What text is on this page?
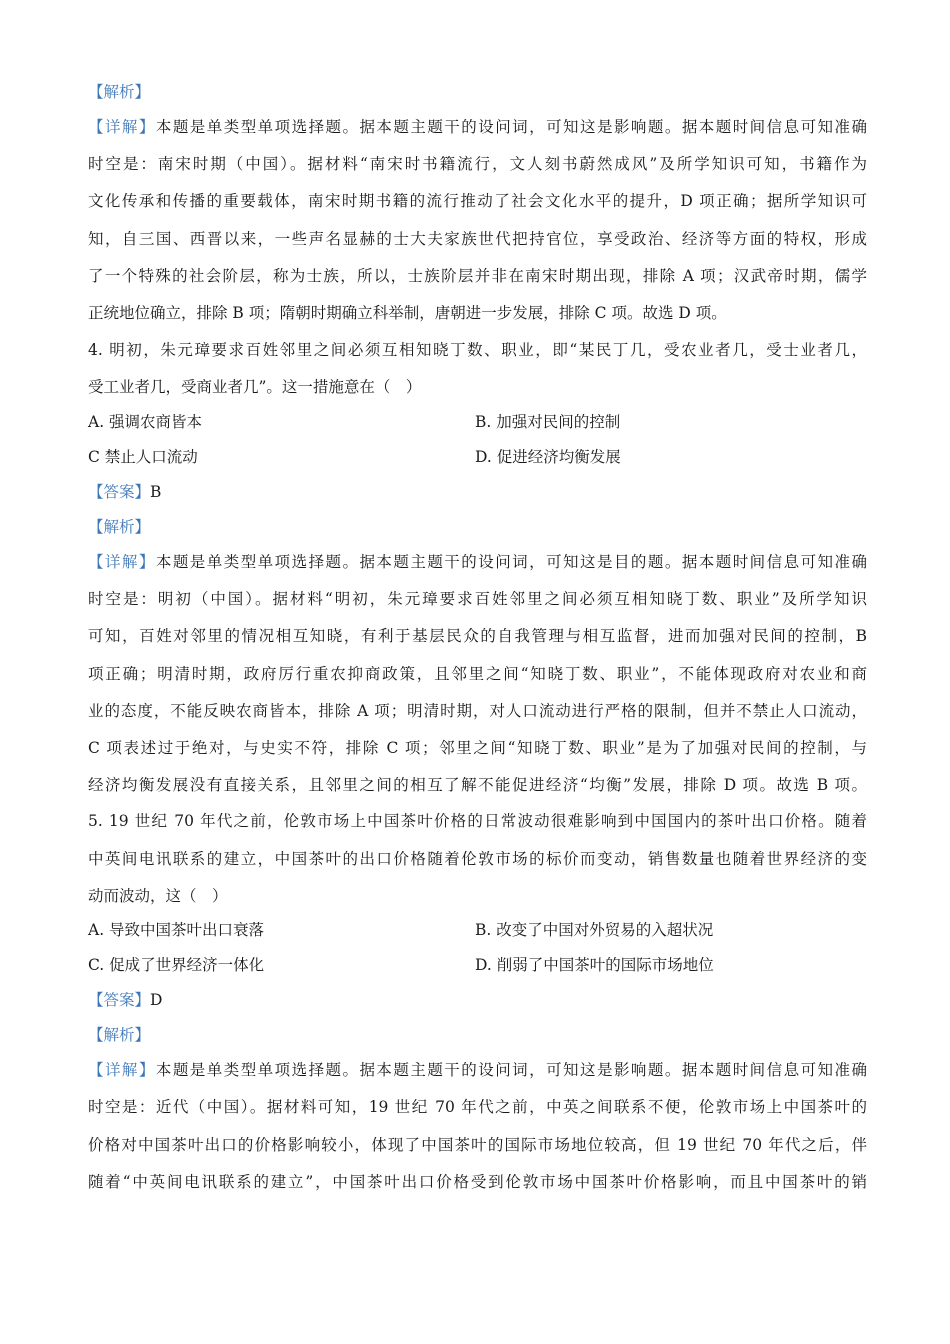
【解析】
【详解】本题是单类型单项选择题。据本题主题干的设问词，可知这是影响题。据本题时间信息可知准确
时空是：南宋时期（中国）。据材料“南宋时书籍流行，文人刻书蔚然成风”及所学知识可知，书籍作为
文化传承和传播的重要载体，南宋时期书籍的流行推动了社会文化水平的提升，D 项正确；据所学知识可
知，自三国、西晋以来，一些声名显赫的士大夫家族世代把持官位，享受政治、经济等方面的特权，形成
了一个特殊的社会阶层，称为士族，所以，士族阶层并非在南宋时期出现，排除 A 项；汉武帝时期，儒学
正统地位确立，排除 B 项；隋朝时期确立科举制，唐朝进一步发展，排除 C 项。故选 D 项。
4. 明初，朱元璋要求百姓邻里之间必须互相知晓丁数、职业，即“某民丁几，受农业者几，受士业者几，
受工业者几，受商业者几”。这一措施意在（　）
A. 强调农商皆本	B. 加强对民间的控制
C 禁止人口流动	D. 促进经济均衡发展
【答案】B
【解析】
【详解】本题是单类型单项选择题。据本题主题干的设问词，可知这是目的题。据本题时间信息可知准确
时空是：明初（中国）。据材料“明初，朱元璋要求百姓邻里之间必须互相知晓丁数、职业”及所学知识
可知，百姓对邻里的情况相互知晓，有利于基层民众的自我管理与相互监督，进而加强对民间的控制，B
项正确；明清时期，政府厉行重农抑商政策，且邻里之间“知晓丁数、职业”，不能体现政府对农业和商
业的态度，不能反映农商皆本，排除 A 项；明清时期，对人口流动进行严格的限制，但并不禁止人口流动，
C 项表述过于绝对，与史实不符，排除 C 项；邻里之间“知晓丁数、职业”是为了加强对民间的控制，与
经济均衡发展没有直接关系，且邻里之间的相互了解不能促进经济“均衡”发展，排除 D 项。故选 B 项。
5. 19 世纪 70 年代之前，伦敦市场上中国茶叶价格的日常波动很难影响到中国国内的茶叶出口价格。随着
中英间电讯联系的建立，中国茶叶的出口价格随着伦敦市场的标价而变动，销售数量也随着世界经济的变
动而波动，这（　）
A. 导致中国茶叶出口衰落	B. 改变了中国对外贸易的入超状况
C. 促成了世界经济一体化	D. 削弱了中国茶叶的国际市场地位
【答案】D
【解析】
【详解】本题是单类型单项选择题。据本题主题干的设问词，可知这是影响题。据本题时间信息可知准确
时空是：近代（中国）。据材料可知，19 世纪 70 年代之前，中英之间联系不便，伦敦市场上中国茶叶的
价格对中国茶叶出口的价格影响较小，体现了中国茶叶的国际市场地位较高，但 19 世纪 70 年代之后，伴
随着“中英间电讯联系的建立”，中国茶叶出口价格受到伦敦市场中国茶叶价格影响，而且中国茶叶的销
